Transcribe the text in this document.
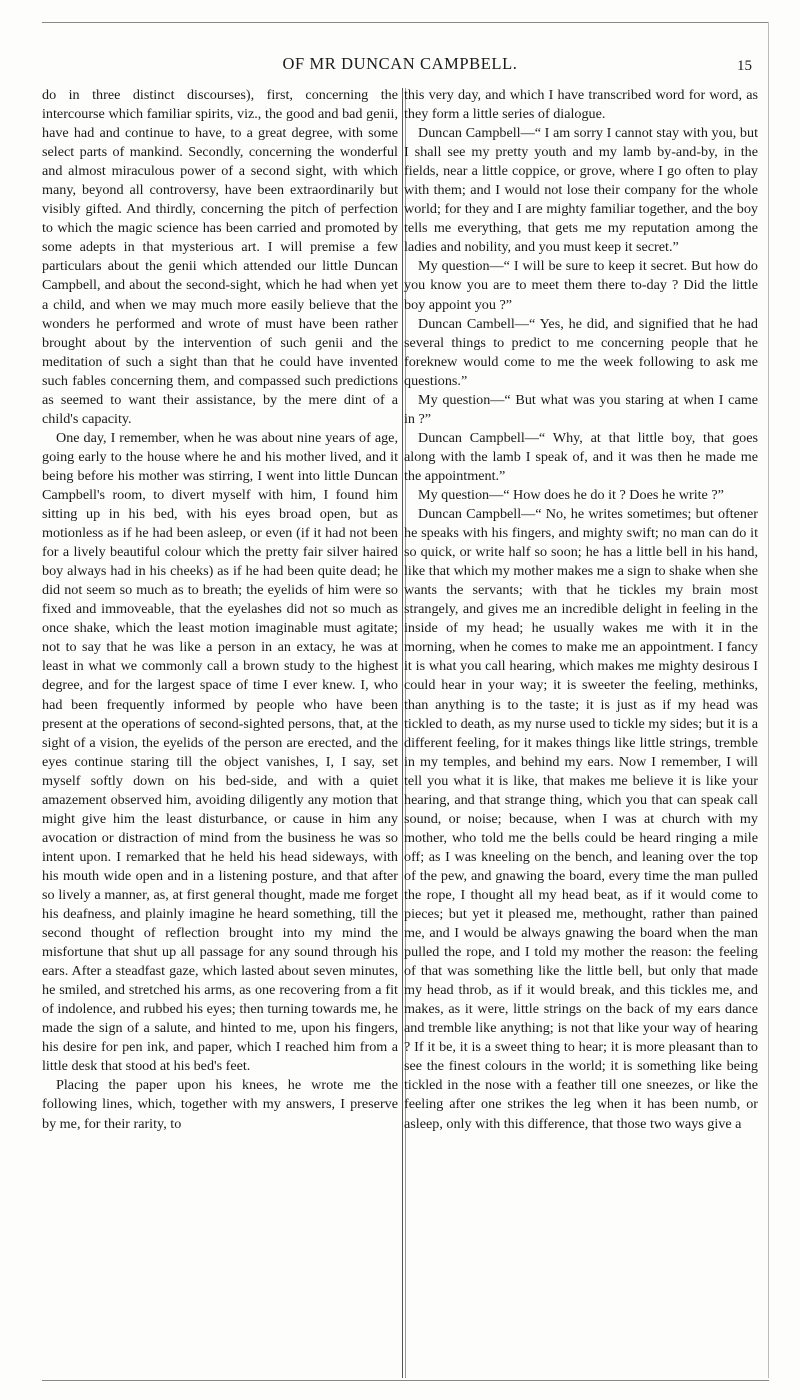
OF MR DUNCAN CAMPBELL.	15

do in three distinct discourses), first, concerning the intercourse which familiar spirits, viz., the good and bad genii, have had and continue to have, to a great degree, with some select parts of mankind. Secondly, concerning the wonderful and almost miraculous power of a second sight, with which many, beyond all controversy, have been extraordinarily but visibly gifted. And thirdly, concerning the pitch of perfection to which the magic science has been carried and promoted by some adepts in that mysterious art. I will premise a few particulars about the genii which attended our little Duncan Campbell, and about the second-sight, which he had when yet a child, and when we may much more easily believe that the wonders he performed and wrote of must have been rather brought about by the intervention of such genii and the meditation of such a sight than that he could have invented such fables concerning them, and compassed such predictions as seemed to want their assistance, by the mere dint of a child's capacity.

One day, I remember, when he was about nine years of age, going early to the house where he and his mother lived, and it being before his mother was stirring, I went into little Duncan Campbell's room, to divert myself with him, I found him sitting up in his bed, with his eyes broad open, but as motionless as if he had been asleep, or even (if it had not been for a lively beautiful colour which the pretty fair silver haired boy always had in his cheeks) as if he had been quite dead; he did not seem so much as to breath; the eyelids of him were so fixed and immoveable, that the eyelashes did not so much as once shake, which the least motion imaginable must agitate; not to say that he was like a person in an extacy, he was at least in what we commonly call a brown study to the highest degree, and for the largest space of time I ever knew. I, who had been frequently informed by people who have been present at the operations of second-sighted persons, that, at the sight of a vision, the eyelids of the person are erected, and the eyes continue staring till the object vanishes, I, I say, set myself softly down on his bed-side, and with a quiet amazement observed him, avoiding diligently any motion that might give him the least disturbance, or cause in him any avocation or distraction of mind from the business he was so intent upon. I remarked that he held his head sideways, with his mouth wide open and in a listening posture, and that after so lively a manner, as, at first general thought, made me forget his deafness, and plainly imagine he heard something, till the second thought of reflection brought into my mind the misfortune that shut up all passage for any sound through his ears. After a steadfast gaze, which lasted about seven minutes, he smiled, and stretched his arms, as one recovering from a fit of indolence, and rubbed his eyes; then turning towards me, he made the sign of a salute, and hinted to me, upon his fingers, his desire for pen ink, and paper, which I reached him from a little desk that stood at his bed's feet.

Placing the paper upon his knees, he wrote me the following lines, which, together with my answers, I preserve by me, for their rarity, to

this very day, and which I have transcribed word for word, as they form a little series of dialogue.

Duncan Campbell—“ I am sorry I cannot stay with you, but I shall see my pretty youth and my lamb by-and-by, in the fields, near a little coppice, or grove, where I go often to play with them; and I would not lose their company for the whole world; for they and I are mighty familiar together, and the boy tells me everything, that gets me my reputation among the ladies and nobility, and you must keep it secret.”

My question—“ I will be sure to keep it secret. But how do you know you are to meet them there to-day ? Did the little boy appoint you ?”

Duncan Cambell—“ Yes, he did, and signified that he had several things to predict to me concerning people that he foreknew would come to me the week following to ask me questions.”

My question—“ But what was you staring at when I came in ?”

Duncan Campbell—“ Why, at that little boy, that goes along with the lamb I speak of, and it was then he made me the appointment.”

My question—“ How does he do it ? Does he write ?”

Duncan Campbell—“ No, he writes sometimes; but oftener he speaks with his fingers, and mighty swift; no man can do it so quick, or write half so soon; he has a little bell in his hand, like that which my mother makes me a sign to shake when she wants the servants; with that he tickles my brain most strangely, and gives me an incredible delight in feeling in the inside of my head; he usually wakes me with it in the morning, when he comes to make me an appointment. I fancy it is what you call hearing, which makes me mighty desirous I could hear in your way; it is sweeter the feeling, methinks, than anything is to the taste; it is just as if my head was tickled to death, as my nurse used to tickle my sides; but it is a different feeling, for it makes things like little strings, tremble in my temples, and behind my ears. Now I remember, I will tell you what it is like, that makes me believe it is like your hearing, and that strange thing, which you that can speak call sound, or noise; because, when I was at church with my mother, who told me the bells could be heard ringing a mile off; as I was kneeling on the bench, and leaning over the top of the pew, and gnawing the board, every time the man pulled the rope, I thought all my head beat, as if it would come to pieces; but yet it pleased me, methought, rather than pained me, and I would be always gnawing the board when the man pulled the rope, and I told my mother the reason: the feeling of that was something like the little bell, but only that made my head throb, as if it would break, and this tickles me, and makes, as it were, little strings on the back of my ears dance and tremble like anything; is not that like your way of hearing ? If it be, it is a sweet thing to hear; it is more pleasant than to see the finest colours in the world; it is something like being tickled in the nose with a feather till one sneezes, or like the feeling after one strikes the leg when it has been numb, or asleep, only with this difference, that those two ways give a
